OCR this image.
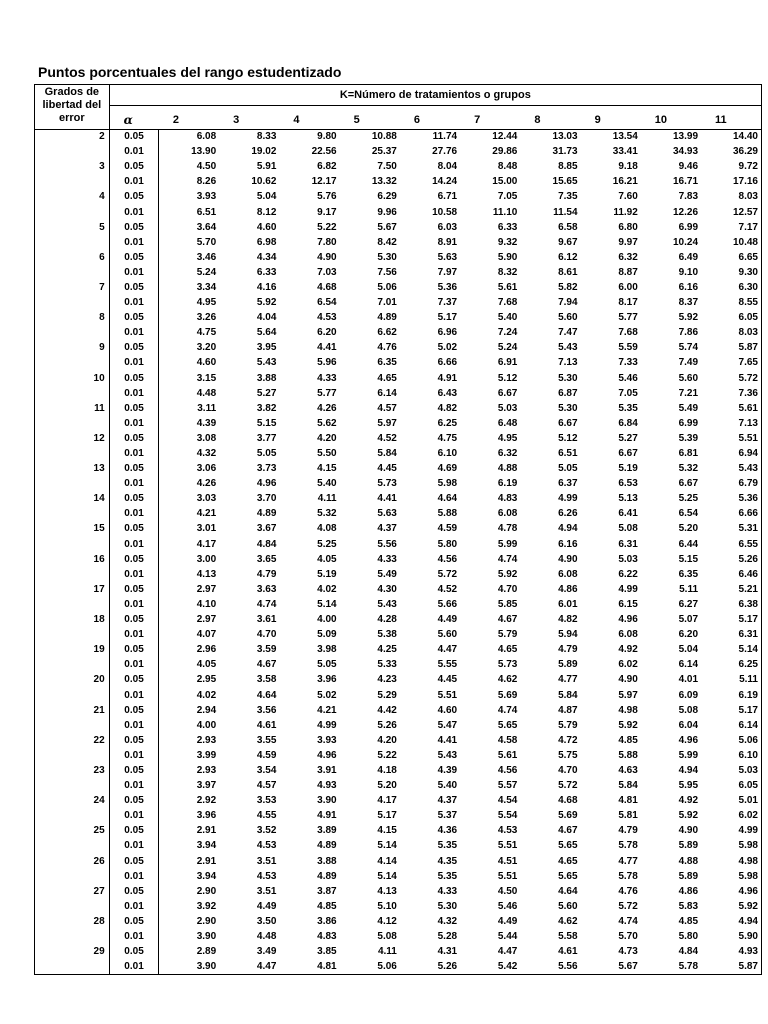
Puntos porcentuales del rango estudentizado
Grados de libertad del error	K=Número de tratamientos o grupos										
	α	2	3	4	5	6	7	8	9	10	11
2	0.05	6.08	8.33	9.80	10.88	11.74	12.44	13.03	13.54	13.99	14.40
	0.01	13.90	19.02	22.56	25.37	27.76	29.86	31.73	33.41	34.93	36.29
3	0.05	4.50	5.91	6.82	7.50	8.04	8.48	8.85	9.18	9.46	9.72
	0.01	8.26	10.62	12.17	13.32	14.24	15.00	15.65	16.21	16.71	17.16
4	0.05	3.93	5.04	5.76	6.29	6.71	7.05	7.35	7.60	7.83	8.03
	0.01	6.51	8.12	9.17	9.96	10.58	11.10	11.54	11.92	12.26	12.57
5	0.05	3.64	4.60	5.22	5.67	6.03	6.33	6.58	6.80	6.99	7.17
	0.01	5.70	6.98	7.80	8.42	8.91	9.32	9.67	9.97	10.24	10.48
6	0.05	3.46	4.34	4.90	5.30	5.63	5.90	6.12	6.32	6.49	6.65
	0.01	5.24	6.33	7.03	7.56	7.97	8.32	8.61	8.87	9.10	9.30
7	0.05	3.34	4.16	4.68	5.06	5.36	5.61	5.82	6.00	6.16	6.30
	0.01	4.95	5.92	6.54	7.01	7.37	7.68	7.94	8.17	8.37	8.55
8	0.05	3.26	4.04	4.53	4.89	5.17	5.40	5.60	5.77	5.92	6.05
	0.01	4.75	5.64	6.20	6.62	6.96	7.24	7.47	7.68	7.86	8.03
9	0.05	3.20	3.95	4.41	4.76	5.02	5.24	5.43	5.59	5.74	5.87
	0.01	4.60	5.43	5.96	6.35	6.66	6.91	7.13	7.33	7.49	7.65
10	0.05	3.15	3.88	4.33	4.65	4.91	5.12	5.30	5.46	5.60	5.72
	0.01	4.48	5.27	5.77	6.14	6.43	6.67	6.87	7.05	7.21	7.36
11	0.05	3.11	3.82	4.26	4.57	4.82	5.03	5.30	5.35	5.49	5.61
	0.01	4.39	5.15	5.62	5.97	6.25	6.48	6.67	6.84	6.99	7.13
12	0.05	3.08	3.77	4.20	4.52	4.75	4.95	5.12	5.27	5.39	5.51
	0.01	4.32	5.05	5.50	5.84	6.10	6.32	6.51	6.67	6.81	6.94
13	0.05	3.06	3.73	4.15	4.45	4.69	4.88	5.05	5.19	5.32	5.43
	0.01	4.26	4.96	5.40	5.73	5.98	6.19	6.37	6.53	6.67	6.79
14	0.05	3.03	3.70	4.11	4.41	4.64	4.83	4.99	5.13	5.25	5.36
	0.01	4.21	4.89	5.32	5.63	5.88	6.08	6.26	6.41	6.54	6.66
15	0.05	3.01	3.67	4.08	4.37	4.59	4.78	4.94	5.08	5.20	5.31
	0.01	4.17	4.84	5.25	5.56	5.80	5.99	6.16	6.31	6.44	6.55
16	0.05	3.00	3.65	4.05	4.33	4.56	4.74	4.90	5.03	5.15	5.26
	0.01	4.13	4.79	5.19	5.49	5.72	5.92	6.08	6.22	6.35	6.46
17	0.05	2.97	3.63	4.02	4.30	4.52	4.70	4.86	4.99	5.11	5.21
	0.01	4.10	4.74	5.14	5.43	5.66	5.85	6.01	6.15	6.27	6.38
18	0.05	2.97	3.61	4.00	4.28	4.49	4.67	4.82	4.96	5.07	5.17
	0.01	4.07	4.70	5.09	5.38	5.60	5.79	5.94	6.08	6.20	6.31
19	0.05	2.96	3.59	3.98	4.25	4.47	4.65	4.79	4.92	5.04	5.14
	0.01	4.05	4.67	5.05	5.33	5.55	5.73	5.89	6.02	6.14	6.25
20	0.05	2.95	3.58	3.96	4.23	4.45	4.62	4.77	4.90	4.01	5.11
	0.01	4.02	4.64	5.02	5.29	5.51	5.69	5.84	5.97	6.09	6.19
21	0.05	2.94	3.56	4.21	4.42	4.60	4.74	4.87	4.98	5.08	5.17
	0.01	4.00	4.61	4.99	5.26	5.47	5.65	5.79	5.92	6.04	6.14
22	0.05	2.93	3.55	3.93	4.20	4.41	4.58	4.72	4.85	4.96	5.06
	0.01	3.99	4.59	4.96	5.22	5.43	5.61	5.75	5.88	5.99	6.10
23	0.05	2.93	3.54	3.91	4.18	4.39	4.56	4.70	4.63	4.94	5.03
	0.01	3.97	4.57	4.93	5.20	5.40	5.57	5.72	5.84	5.95	6.05
24	0.05	2.92	3.53	3.90	4.17	4.37	4.54	4.68	4.81	4.92	5.01
	0.01	3.96	4.55	4.91	5.17	5.37	5.54	5.69	5.81	5.92	6.02
25	0.05	2.91	3.52	3.89	4.15	4.36	4.53	4.67	4.79	4.90	4.99
	0.01	3.94	4.53	4.89	5.14	5.35	5.51	5.65	5.78	5.89	5.98
26	0.05	2.91	3.51	3.88	4.14	4.35	4.51	4.65	4.77	4.88	4.98
	0.01	3.94	4.53	4.89	5.14	5.35	5.51	5.65	5.78	5.89	5.98
27	0.05	2.90	3.51	3.87	4.13	4.33	4.50	4.64	4.76	4.86	4.96
	0.01	3.92	4.49	4.85	5.10	5.30	5.46	5.60	5.72	5.83	5.92
28	0.05	2.90	3.50	3.86	4.12	4.32	4.49	4.62	4.74	4.85	4.94
	0.01	3.90	4.48	4.83	5.08	5.28	5.44	5.58	5.70	5.80	5.90
29	0.05	2.89	3.49	3.85	4.11	4.31	4.47	4.61	4.73	4.84	4.93
	0.01	3.90	4.47	4.81	5.06	5.26	5.42	5.56	5.67	5.78	5.87
